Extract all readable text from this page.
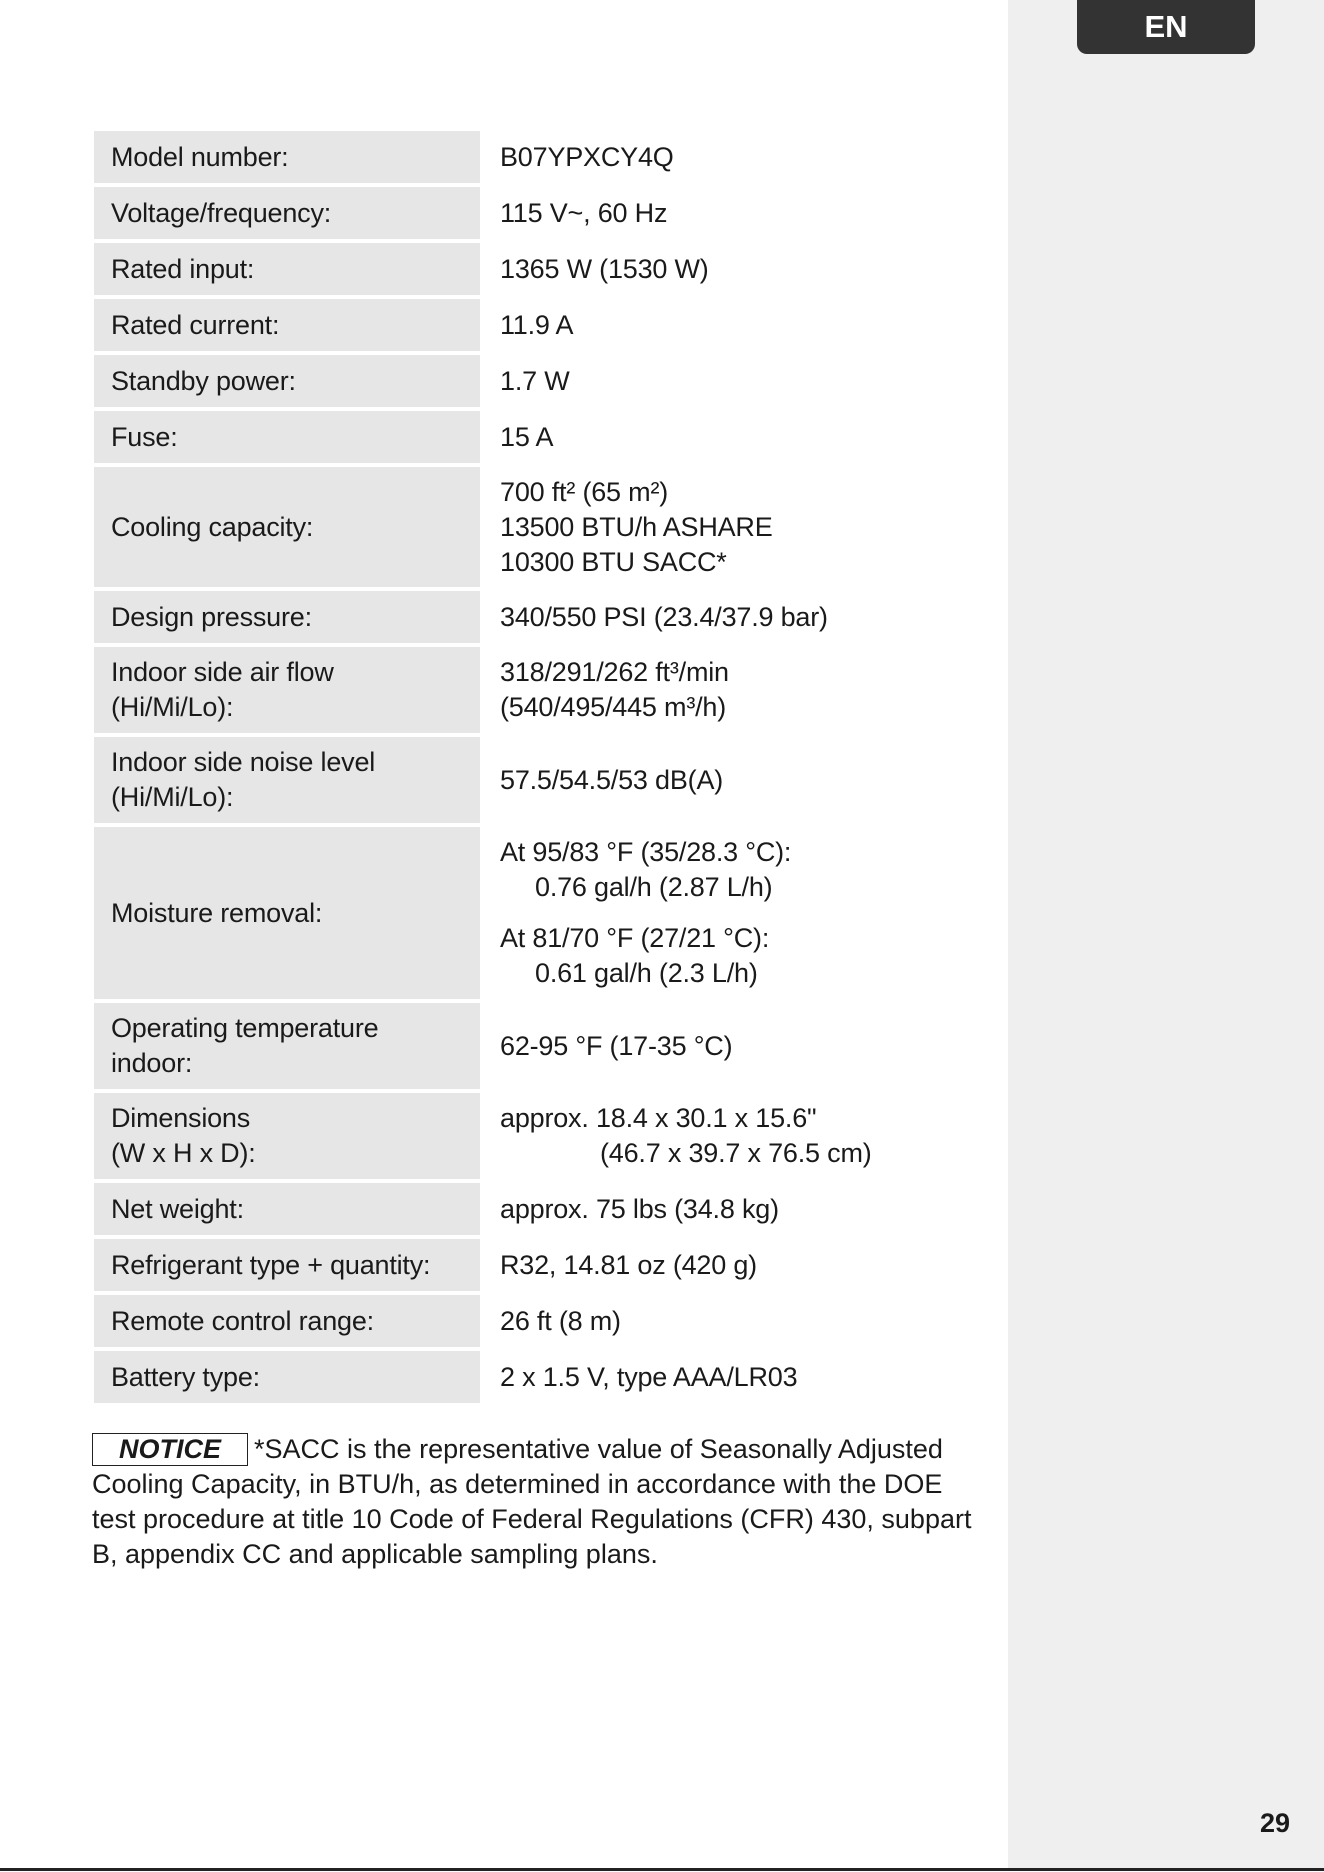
EN
Model number:		B07YPXCY4Q

Voltage/frequency:		115 V~, 60 Hz

Rated input:		1365 W (1530 W)

Rated current:		11.9 A

Standby power:		1.7 W

Fuse:		15 A

Cooling capacity:		700 ft² (65 m²)
13500 BTU/h ASHARE
10300 BTU SACC*

Design pressure:		340/550 PSI (23.4/37.9 bar)

Indoor side air flow
(Hi/Mi/Lo):		318/291/262 ft³/min
(540/495/445 m³/h)

Indoor side noise level
(Hi/Mi/Lo):		57.5/54.5/53 dB(A)

Moisture removal:		At 95/83 °F (35/28.3 °C):
0.76 gal/h (2.87 L/h)
At 81/70 °F (27/21 °C):
0.61 gal/h (2.3 L/h)

Operating temperature
indoor:		62-95 °F (17-35 °C)

Dimensions
(W x H x D):		approx. 18.4 x 30.1 x 15.6"
(46.7 x 39.7 x 76.5 cm)

Net weight:		approx. 75 lbs (34.8 kg)

Refrigerant type + quantity:		R32, 14.81 oz (420 g)

Remote control range:		26 ft (8 m)

Battery type:		2 x 1.5 V, type AAA/LR03
NOTICE *SACC is the representative value of Seasonally Adjusted Cooling Capacity, in BTU/h, as determined in accordance with the DOE test procedure at title 10 Code of Federal Regulations (CFR) 430, subpart B, appendix CC and applicable sampling plans.
29
